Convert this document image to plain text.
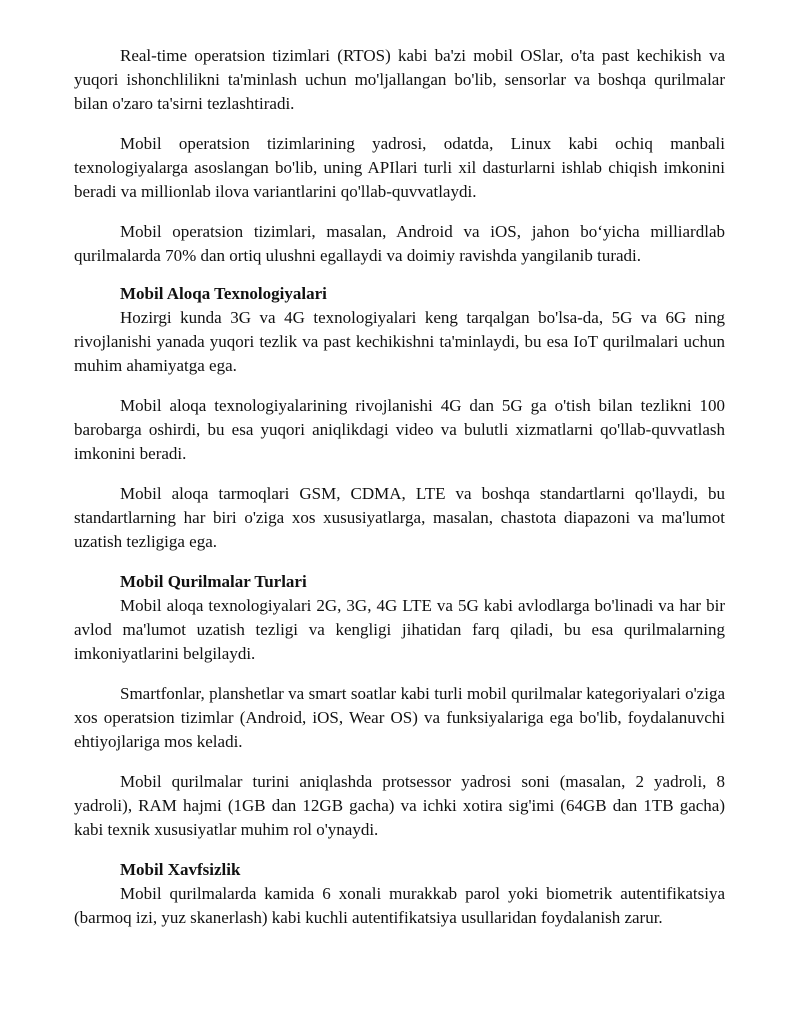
Real-time operatsion tizimlari (RTOS) kabi ba'zi mobil OSlar, o'ta past kechikish va yuqori ishonchlilikni ta'minlash uchun mo'ljallangan bo'lib, sensorlar va boshqa qurilmalar bilan o'zaro ta'sirni tezlashtiradi.

Mobil operatsion tizimlarining yadrosi, odatda, Linux kabi ochiq manbali texnologiyalarga asoslangan bo'lib, uning APIlari turli xil dasturlarni ishlab chiqish imkonini beradi va millionlab ilova variantlarini qo'llab-quvvatlaydi.

Mobil operatsion tizimlari, masalan, Android va iOS, jahon bo‘yicha milliardlab qurilmalarda 70% dan ortiq ulushni egallaydi va doimiy ravishda yangilanib turadi.

Mobil Aloqa Texnologiyalari

Hozirgi kunda 3G va 4G texnologiyalari keng tarqalgan bo'lsa-da, 5G va 6G ning rivojlanishi yanada yuqori tezlik va past kechikishni ta'minlaydi, bu esa IoT qurilmalari uchun muhim ahamiyatga ega.

Mobil aloqa texnologiyalarining rivojlanishi 4G dan 5G ga o'tish bilan tezlikni 100 barobarga oshirdi, bu esa yuqori aniqlikdagi video va bulutli xizmatlarni qo'llab-quvvatlash imkonini beradi.

Mobil aloqa tarmoqlari GSM, CDMA, LTE va boshqa standartlarni qo'llaydi, bu standartlarning har biri o'ziga xos xususiyatlarga, masalan, chastota diapazoni va ma'lumot uzatish tezligiga ega.

Mobil Qurilmalar Turlari

Mobil aloqa texnologiyalari 2G, 3G, 4G LTE va 5G kabi avlodlarga bo'linadi va har bir avlod ma'lumot uzatish tezligi va kengligi jihatidan farq qiladi, bu esa qurilmalarning imkoniyatlarini belgilaydi.

Smartfonlar, planshetlar va smart soatlar kabi turli mobil qurilmalar kategoriyalari o'ziga xos operatsion tizimlar (Android, iOS, Wear OS) va funksiyalariga ega bo'lib, foydalanuvchi ehtiyojlariga mos keladi.

Mobil qurilmalar turini aniqlashda protsessor yadrosi soni (masalan, 2 yadroli, 8 yadroli), RAM hajmi (1GB dan 12GB gacha) va ichki xotira sig'imi (64GB dan 1TB gacha) kabi texnik xususiyatlar muhim rol o'ynaydi.

Mobil Xavfsizlik

Mobil qurilmalarda kamida 6 xonali murakkab parol yoki biometrik autentifikatsiya (barmoq izi, yuz skanerlash) kabi kuchli autentifikatsiya usullaridan foydalanish zarur.
